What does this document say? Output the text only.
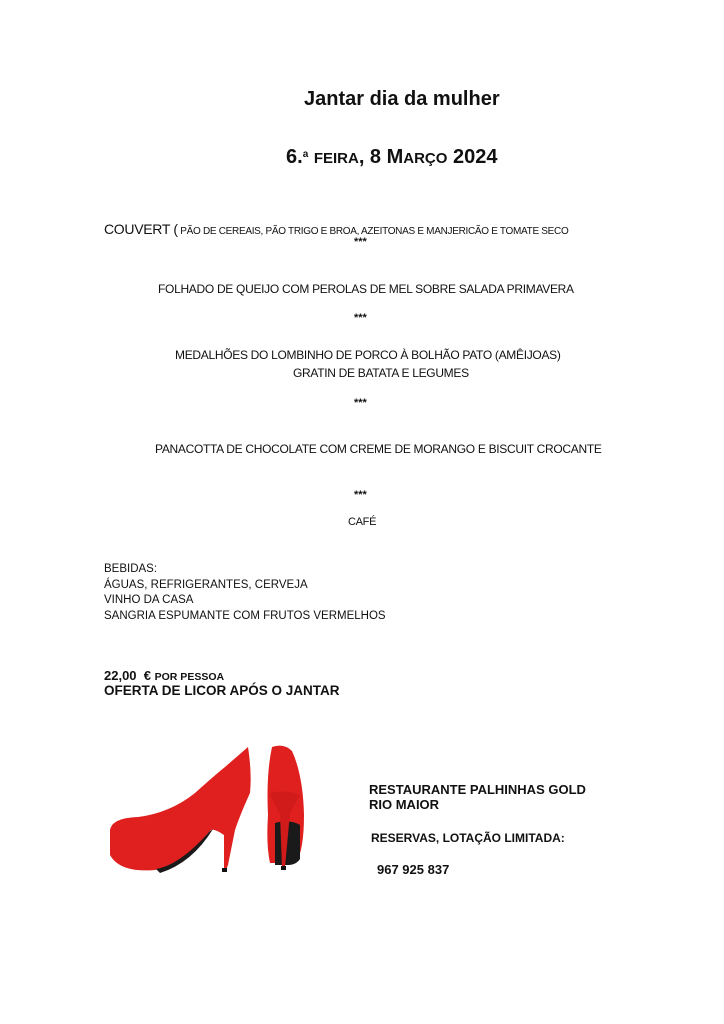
Jantar dia da mulher
6.$^a$ FEIRA, 8 MARÇO 2024
COUVERT ( PÃO DE CEREAIS, PÃO TRIGO E BROA, AZEITONAS E MANJERICÃO E TOMATE SECO
***
FOLHADO DE QUEIJO COM PEROLAS DE MEL SOBRE SALADA PRIMAVERA
***
MEDALHÕES DO LOMBINHO DE PORCO À BOLHÃO PATO (AMÊIJOAS)
GRATIN DE BATATA E LEGUMES
***
PANACOTTA DE CHOCOLATE COM CREME DE MORANGO E BISCUIT CROCANTE
***
CAFÉ
BEBIDAS:
ÁGUAS, REFRIGERANTES, CERVEJA
VINHO DA CASA
SANGRIA ESPUMANTE COM FRUTOS VERMELHOS
22,00 € POR PESSOA
OFERTA DE LICOR APÓS O JANTAR
RESTAURANTE PALHINHAS GOLD
RIO MAIOR
RESERVAS, LOTAÇÃO LIMITADA:
967 925 837
